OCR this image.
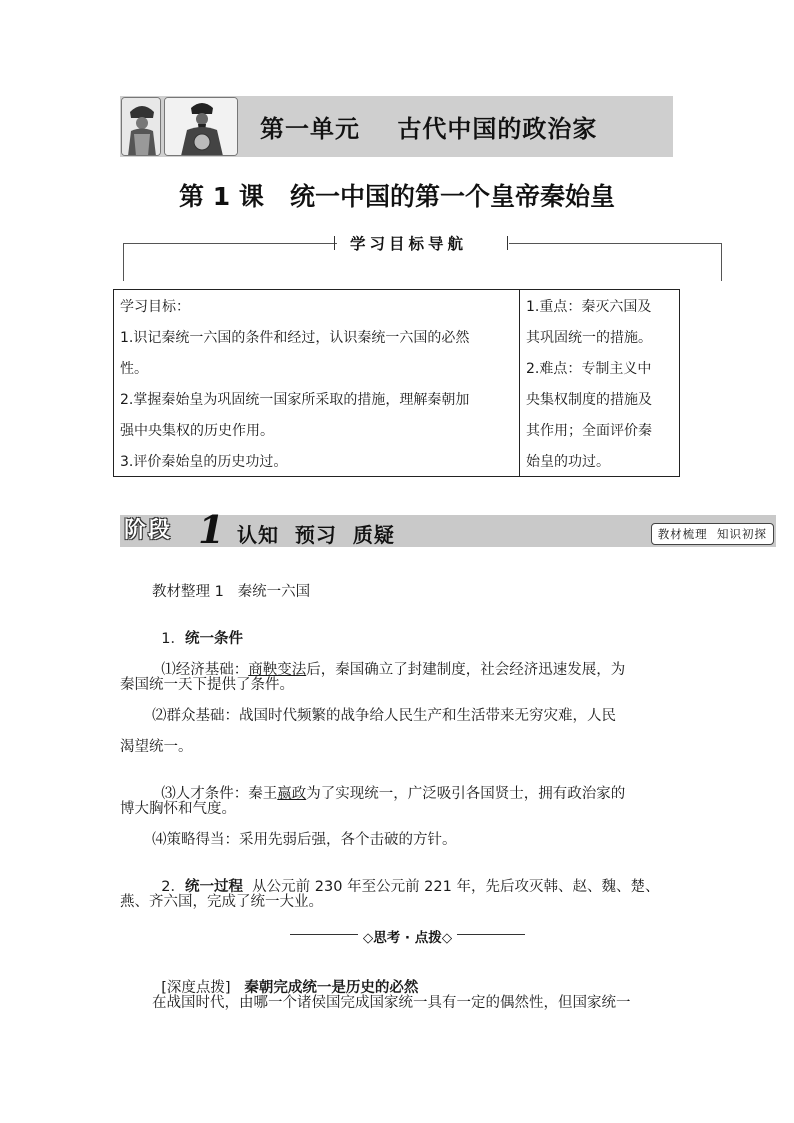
第一单元    古代中国的政治家
第 1 课   统一中国的第一个皇帝秦始皇
学习目标导航
学习目标：
1.识记秦统一六国的条件和经过，认识秦统一六国的必然
性。
2.掌握秦始皇为巩固统一国家所采取的措施，理解秦朝加
强中央集权的历史作用。
3.评价秦始皇的历史功过。
1.重点：秦灭六国及
其巩固统一的措施。
2.难点：专制主义中
央集权制度的措施及
其作用；全面评价秦
始皇的功过。
阶段 1 认知  预习  质疑	教材梳理  知识初探
教材整理 1   秦统一六国

1．统一条件

⑴经济基础：商鞅变法后，秦国确立了封建制度，社会经济迅速发展，为

秦国统一天下提供了条件。
⑵群众基础：战国时代频繁的战争给人民生产和生活带来无穷灾难，人民
渴望统一。

⑶人才条件：秦王嬴政为了实现统一，广泛吸引各国贤士，拥有政治家的

博大胸怀和气度。
⑷策略得当：采用先弱后强，各个击破的方针。

2．统一过程  从公元前 230 年至公元前 221 年，先后攻灭韩、赵、魏、楚、

燕、齐六国，完成了统一大业。
◇思考 · 点拨◇

[深度点拨] 秦朝完成统一是历史的必然

在战国时代，由哪一个诸侯国完成国家统一具有一定的偶然性，但国家统一
